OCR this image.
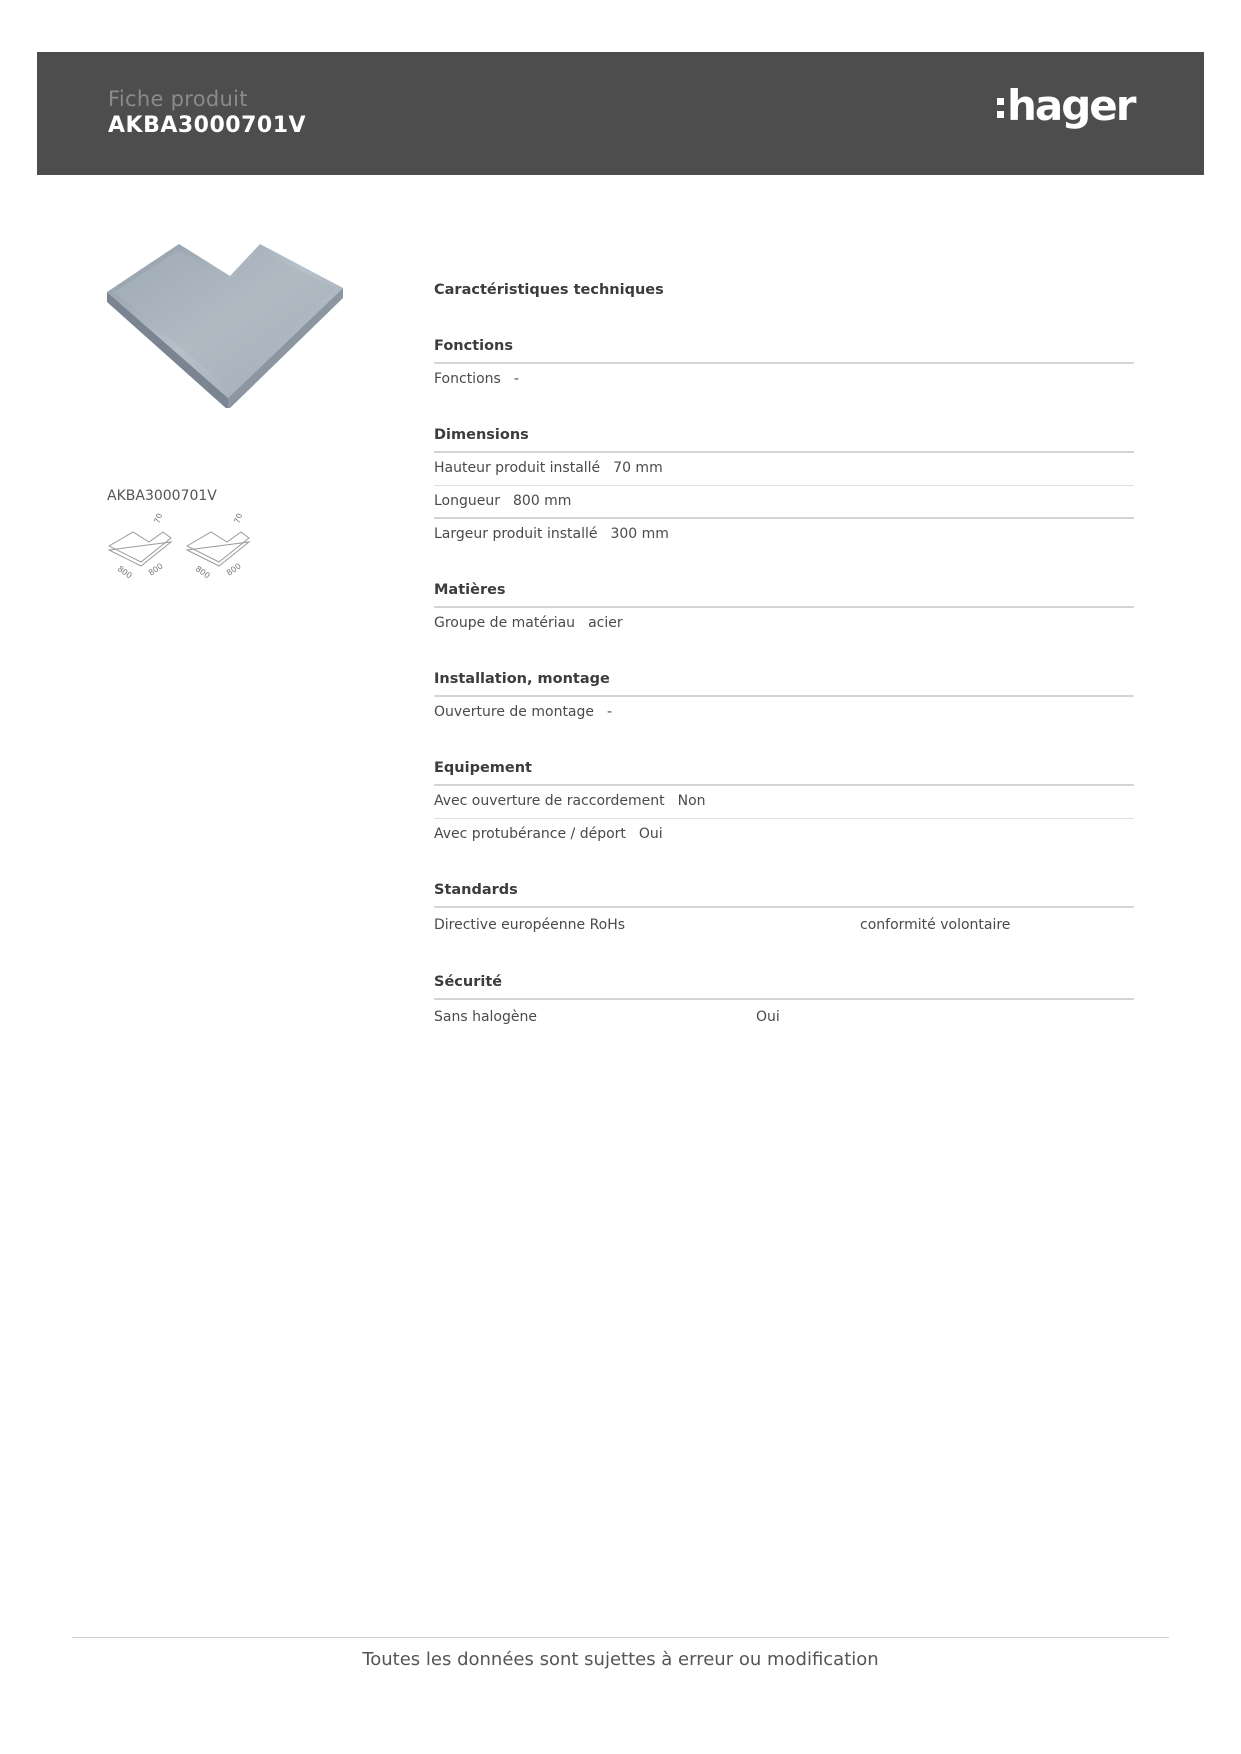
Fiche produit
AKBA3000701V	hager
AKBA3000701V
70
800 800
70
800 800
Caractéristiques techniques
Fonctions
Fonctions -
Dimensions
Hauteur produit installé 70 mm
Longueur 800 mm
Largeur produit installé 300 mm
Matières
Groupe de matériau acier
Installation, montage
Ouverture de montage -
Equipement
Avec ouverture de raccordement Non
Avec protubérance / déport Oui
Standards
Directive européenne RoHs	conformité volontaire
Sécurité
Sans halogène	Oui
Toutes les données sont sujettes à erreur ou modification
